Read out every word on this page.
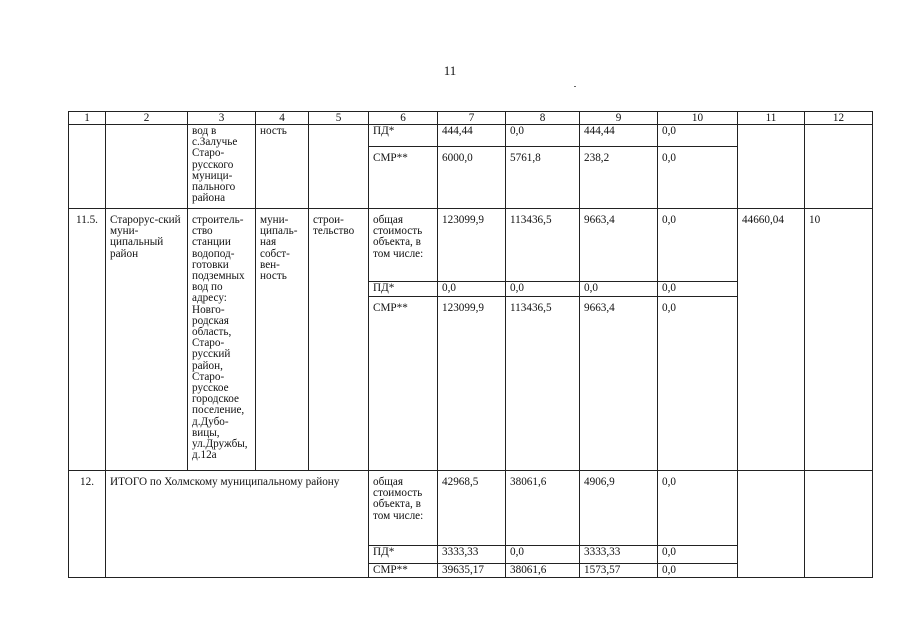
11
1	2	3	4	5	6	7	8	9	10	11	12
		вод в с.Залучье Старо-русского муници-пального района	ность		ПД*	444,44	0,0	444,44	0,0		
					СМР**	6000,0	5761,8	238,2	0,0		
11.5.	Старорус-ский муни-ципальный район	строитель-ство станции водопод-готовки подземных вод по адресу: Новго-родская область, Старо-русский район, Старо-русское городское поселение, д.Дубо-вицы, ул.Дружбы, д.12а	муни-ципаль-ная собст-вен-ность	строи-тельство	общая стоимость объекта, в том числе:	123099,9	113436,5	9663,4	0,0	44660,04	10
					ПД*	0,0	0,0	0,0	0,0		
					СМР**	123099,9	113436,5	9663,4	0,0		
12.	ИТОГО по Холмскому муниципальному району				общая стоимость объекта, в том числе:	42968,5	38061,6	4906,9	0,0		
					ПД*	3333,33	0,0	3333,33	0,0		
					СМР**	39635,17	38061,6	1573,57	0,0		
